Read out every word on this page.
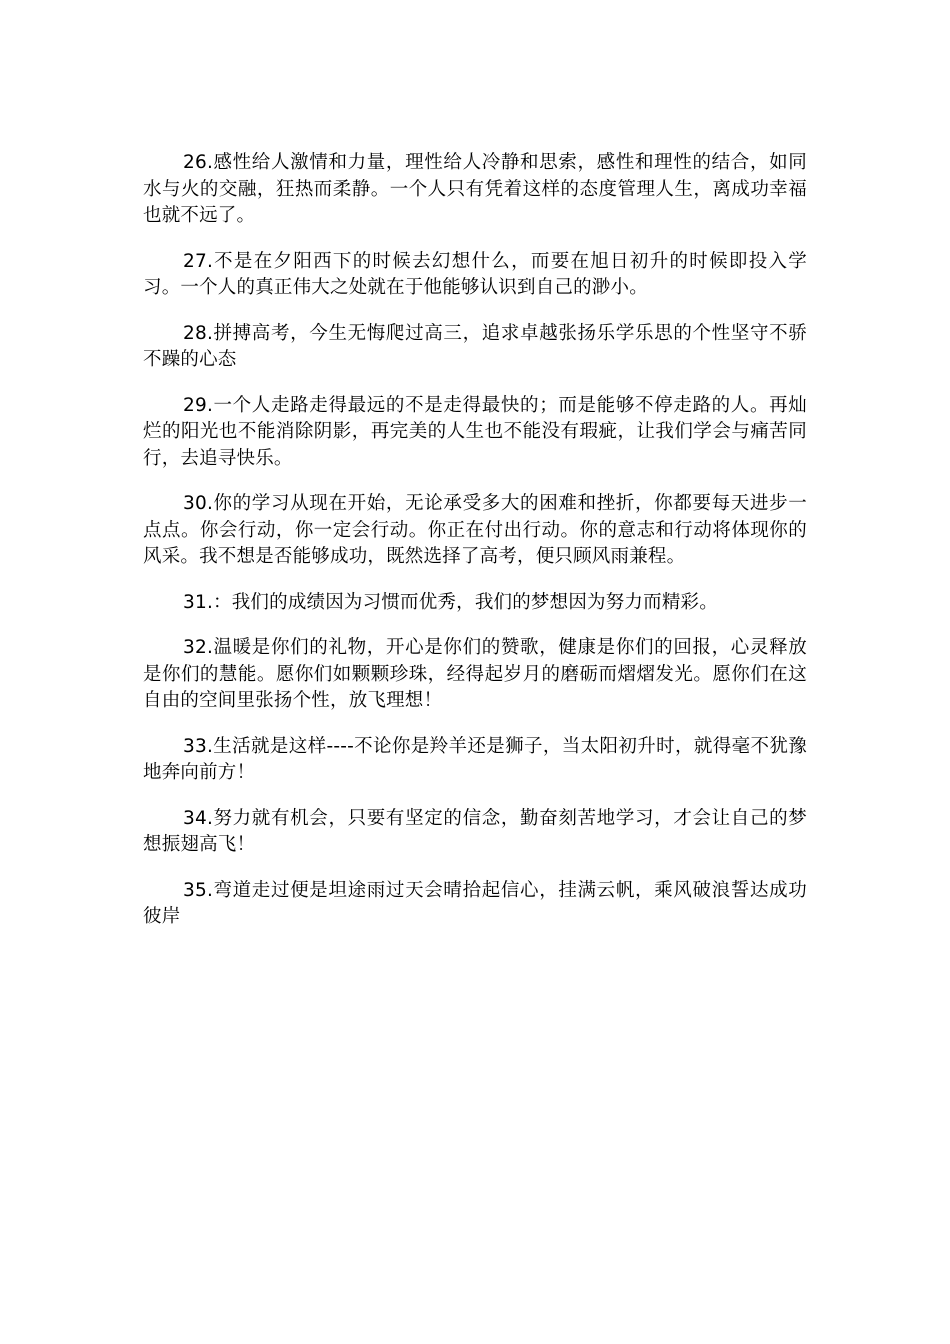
26.感性给人激情和力量，理性给人冷静和思索，感性和理性的结合，如同水与火的交融，狂热而柔静。一个人只有凭着这样的态度管理人生，离成功幸福也就不远了。

27.不是在夕阳西下的时候去幻想什么，而要在旭日初升的时候即投入学习。一个人的真正伟大之处就在于他能够认识到自己的渺小。

28.拼搏高考，今生无悔爬过高三，追求卓越张扬乐学乐思的个性坚守不骄不躁的心态

29.一个人走路走得最远的不是走得最快的；而是能够不停走路的人。再灿烂的阳光也不能消除阴影，再完美的人生也不能没有瑕疵，让我们学会与痛苦同行，去追寻快乐。

30.你的学习从现在开始，无论承受多大的困难和挫折，你都要每天进步一点点。你会行动，你一定会行动。你正在付出行动。你的意志和行动将体现你的风采。我不想是否能够成功，既然选择了高考，便只顾风雨兼程。

31.：我们的成绩因为习惯而优秀，我们的梦想因为努力而精彩。

32.温暖是你们的礼物，开心是你们的赞歌，健康是你们的回报，心灵释放是你们的慧能。愿你们如颗颗珍珠，经得起岁月的磨砺而熠熠发光。愿你们在这自由的空间里张扬个性，放飞理想！

33.生活就是这样----不论你是羚羊还是狮子，当太阳初升时，就得毫不犹豫地奔向前方！

34.努力就有机会，只要有坚定的信念，勤奋刻苦地学习，才会让自己的梦想振翅高飞！

35.弯道走过便是坦途雨过天会晴拾起信心，挂满云帆，乘风破浪誓达成功彼岸
